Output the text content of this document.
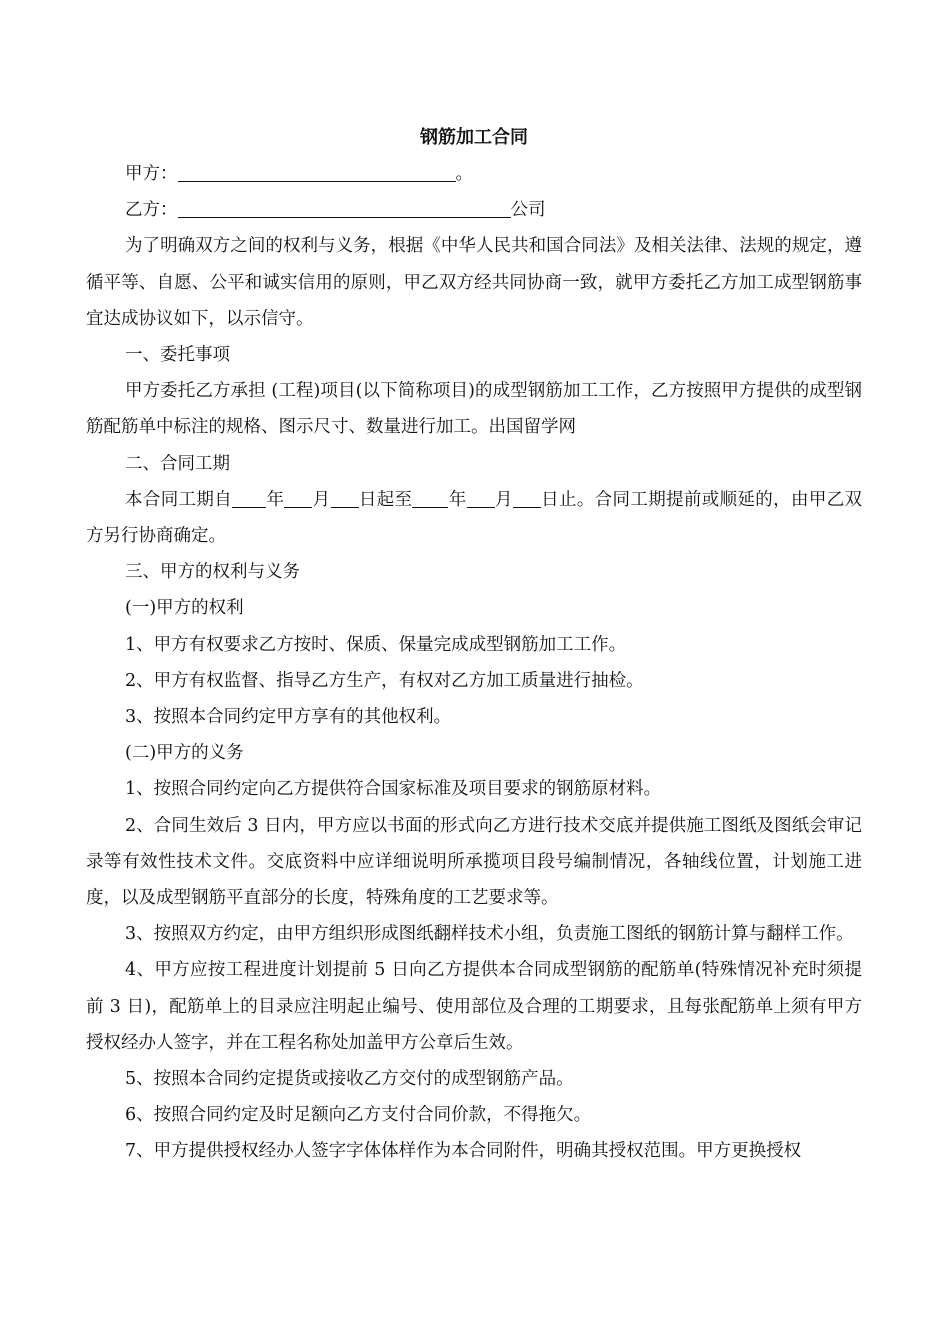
钢筋加工合同
甲方：	。
乙方：	公司
为了明确双方之间的权利与义务，根据《中华人民共和国合同法》及相关法律、法规的规定，遵循平等、自愿、公平和诚实信用的原则，甲乙双方经共同协商一致，就甲方委托乙方加工成型钢筋事宜达成协议如下，以示信守。
一、委托事项
甲方委托乙方承担 (工程)项目(以下简称项目)的成型钢筋加工工作，乙方按照甲方提供的成型钢筋配筋单中标注的规格、图示尺寸、数量进行加工。出国留学网
二、合同工期
本合同工期自 年 月 日起至 年 月 日止。合同工期提前或顺延的，由甲乙双方另行协商确定。
三、甲方的权利与义务
(一)甲方的权利
1、甲方有权要求乙方按时、保质、保量完成成型钢筋加工工作。
2、甲方有权监督、指导乙方生产，有权对乙方加工质量进行抽检。
3、按照本合同约定甲方享有的其他权利。
(二)甲方的义务
1、按照合同约定向乙方提供符合国家标准及项目要求的钢筋原材料。
2、合同生效后 3 日内，甲方应以书面的形式向乙方进行技术交底并提供施工图纸及图纸会审记录等有效性技术文件。交底资料中应详细说明所承揽项目段号编制情况，各轴线位置，计划施工进度，以及成型钢筋平直部分的长度，特殊角度的工艺要求等。
3、按照双方约定，由甲方组织形成图纸翻样技术小组，负责施工图纸的钢筋计算与翻样工作。
4、甲方应按工程进度计划提前 5 日向乙方提供本合同成型钢筋的配筋单(特殊情况补充时须提前 3 日)，配筋单上的目录应注明起止编号、使用部位及合理的工期要求，且每张配筋单上须有甲方授权经办人签字，并在工程名称处加盖甲方公章后生效。
5、按照本合同约定提货或接收乙方交付的成型钢筋产品。
6、按照合同约定及时足额向乙方支付合同价款，不得拖欠。
7、甲方提供授权经办人签字字体体样作为本合同附件，明确其授权范围。甲方更换授权
